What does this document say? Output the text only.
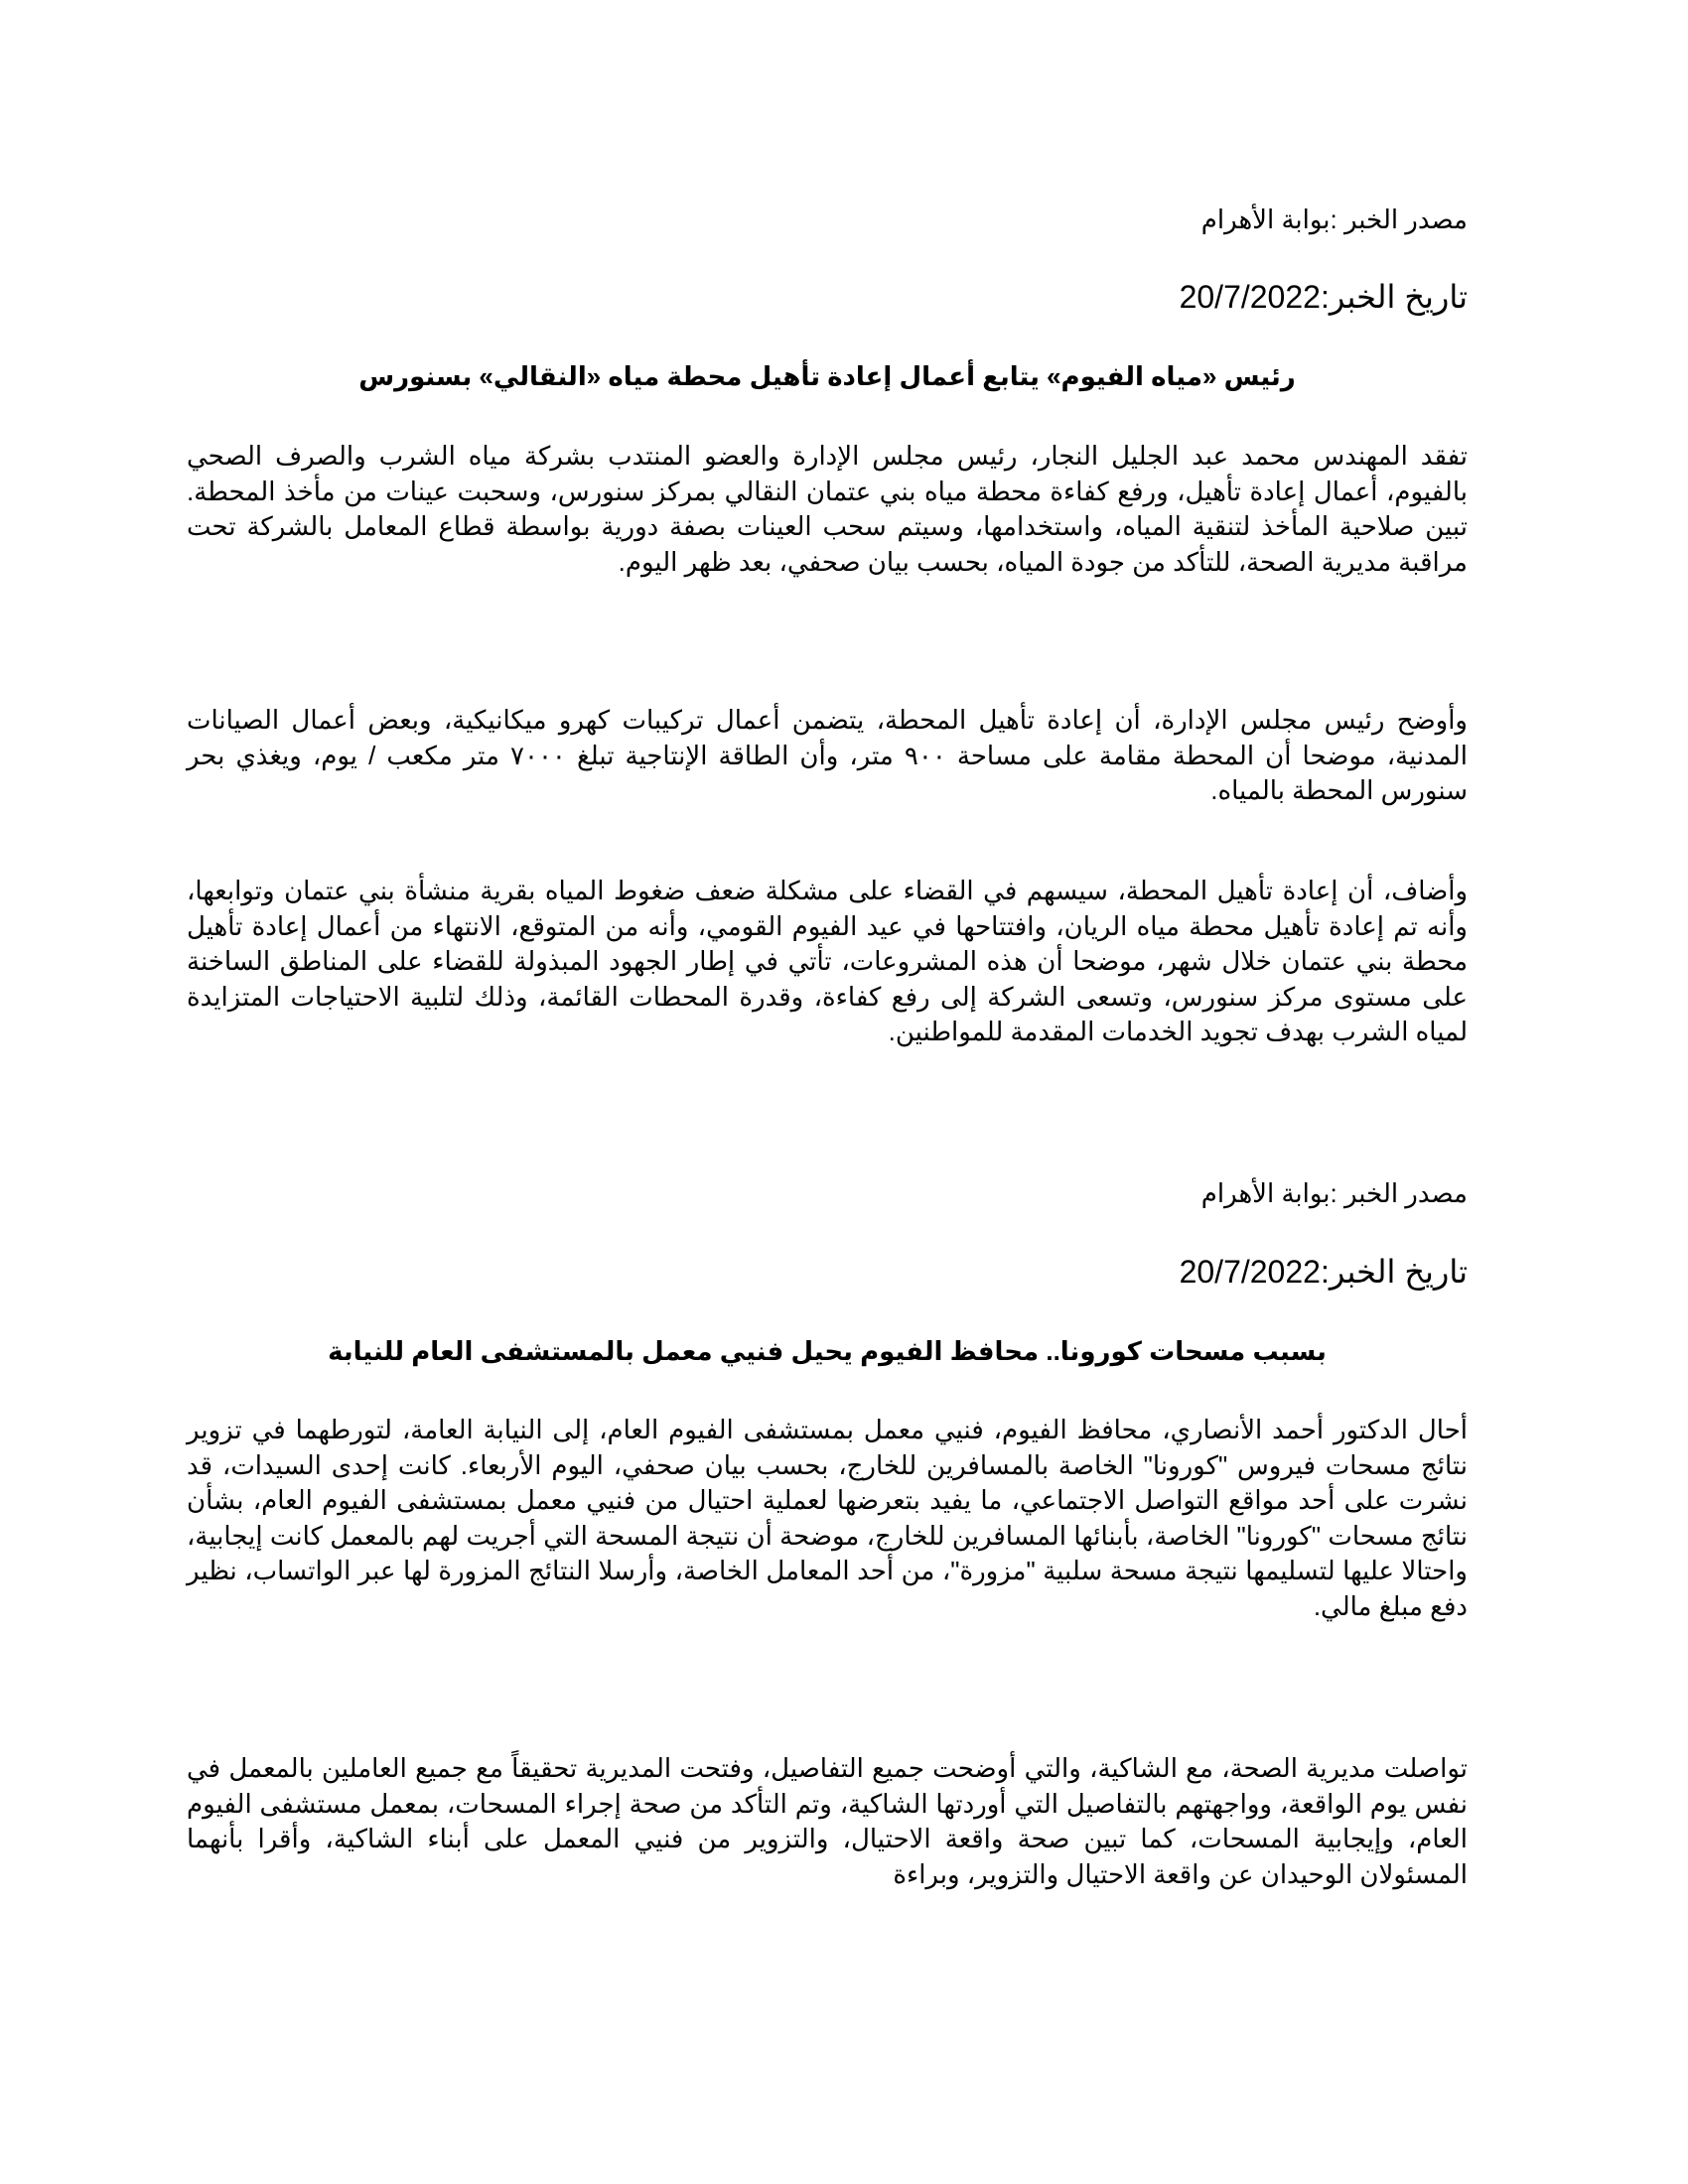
مصدر الخبر :بوابة الأهرام
تاريخ الخبر:20/7/2022
رئيس «مياه الفيوم» يتابع أعمال إعادة تأهيل محطة مياه «النقالي» بسنورس
تفقد المهندس محمد عبد الجليل النجار، رئيس مجلس الإدارة والعضو المنتدب بشركة مياه الشرب والصرف الصحي بالفيوم، أعمال إعادة تأهيل، ورفع كفاءة محطة مياه بني عتمان النقالي بمركز سنورس، وسحبت عينات من مأخذ المحطة. تبين صلاحية المأخذ لتنقية المياه، واستخدامها، وسيتم سحب العينات بصفة دورية بواسطة قطاع المعامل بالشركة تحت مراقبة مديرية الصحة، للتأكد من جودة المياه، بحسب بيان صحفي، بعد ظهر اليوم.
وأوضح رئيس مجلس الإدارة، أن إعادة تأهيل المحطة، يتضمن أعمال تركيبات كهرو ميكانيكية، وبعض أعمال الصيانات المدنية، موضحا أن المحطة مقامة على مساحة ٩٠٠ متر، وأن الطاقة الإنتاجية تبلغ ٧٠٠٠ متر مكعب / يوم، ويغذي بحر سنورس المحطة بالمياه.
وأضاف، أن إعادة تأهيل المحطة، سيسهم في القضاء على مشكلة ضعف ضغوط المياه بقرية منشأة بني عتمان وتوابعها، وأنه تم إعادة تأهيل محطة مياه الريان، وافتتاحها في عيد الفيوم القومي، وأنه من المتوقع، الانتهاء من أعمال إعادة تأهيل محطة بني عتمان خلال شهر، موضحا أن هذه المشروعات، تأتي في إطار الجهود المبذولة للقضاء على المناطق الساخنة على مستوى مركز سنورس، وتسعى الشركة إلى رفع كفاءة، وقدرة المحطات القائمة، وذلك لتلبية الاحتياجات المتزايدة لمياه الشرب بهدف تجويد الخدمات المقدمة للمواطنين.
مصدر الخبر :بوابة الأهرام
تاريخ الخبر:20/7/2022
بسبب مسحات كورونا.. محافظ الفيوم يحيل فنيي معمل بالمستشفى العام للنيابة
أحال الدكتور أحمد الأنصاري، محافظ الفيوم، فنيي معمل بمستشفى الفيوم العام، إلى النيابة العامة، لتورطهما في تزوير نتائج مسحات فيروس "كورونا" الخاصة بالمسافرين للخارج، بحسب بيان صحفي، اليوم الأربعاء. كانت إحدى السيدات، قد نشرت على أحد مواقع التواصل الاجتماعي، ما يفيد بتعرضها لعملية احتيال من فنيي معمل بمستشفى الفيوم العام، بشأن نتائج مسحات "كورونا" الخاصة، بأبنائها المسافرين للخارج، موضحة أن نتيجة المسحة التي أجريت لهم بالمعمل كانت إيجابية، واحتالا عليها لتسليمها نتيجة مسحة سلبية "مزورة"، من أحد المعامل الخاصة، وأرسلا النتائج المزورة لها عبر الواتساب، نظير دفع مبلغ مالي.
تواصلت مديرية الصحة، مع الشاكية، والتي أوضحت جميع التفاصيل، وفتحت المديرية تحقيقاً مع جميع العاملين بالمعمل في نفس يوم الواقعة، وواجهتهم بالتفاصيل التي أوردتها الشاكية، وتم التأكد من صحة إجراء المسحات، بمعمل مستشفى الفيوم العام، وإيجابية المسحات، كما تبين صحة واقعة الاحتيال، والتزوير من فنيي المعمل على أبناء الشاكية، وأقرا بأنهما المسئولان الوحيدان عن واقعة الاحتيال والتزوير، وبراءة
